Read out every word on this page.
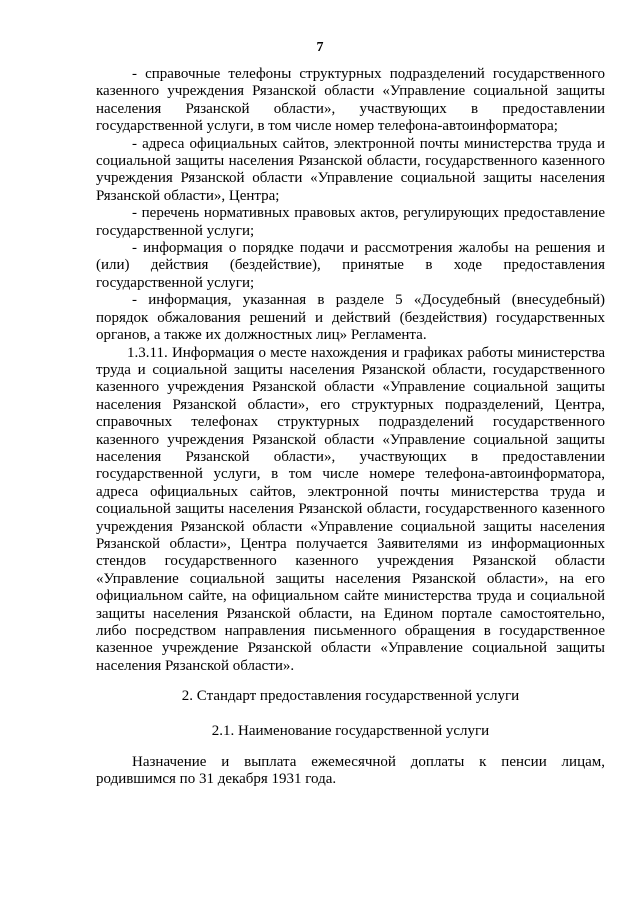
7

- справочные телефоны структурных подразделений государственного казенного учреждения Рязанской области «Управление социальной защиты населения Рязанской области», участвующих в предоставлении государственной услуги, в том числе номер телефона-автоинформатора;

- адреса официальных сайтов, электронной почты министерства труда и социальной защиты населения Рязанской области, государственного казенного учреждения Рязанской области «Управление социальной защиты населения Рязанской области», Центра;

- перечень нормативных правовых актов, регулирующих предоставление государственной услуги;

- информация о порядке подачи и рассмотрения жалобы на решения и (или) действия (бездействие), принятые в ходе предоставления государственной услуги;

- информация, указанная в разделе 5 «Досудебный (внесудебный) порядок обжалования решений и действий (бездействия) государственных органов, а также их должностных лиц» Регламента.

1.3.11. Информация о месте нахождения и графиках работы министерства труда и социальной защиты населения Рязанской области, государственного казенного учреждения Рязанской области «Управление социальной защиты населения Рязанской области», его структурных подразделений, Центра, справочных телефонах структурных подразделений государственного казенного учреждения Рязанской области «Управление социальной защиты населения Рязанской области», участвующих в предоставлении государственной услуги, в том числе номере телефона-автоинформатора, адреса официальных сайтов, электронной почты министерства труда и социальной защиты населения Рязанской области, государственного казенного учреждения Рязанской области «Управление социальной защиты населения Рязанской области», Центра получается Заявителями из информационных стендов государственного казенного учреждения Рязанской области «Управление социальной защиты населения Рязанской области», на его официальном сайте, на официальном сайте министерства труда и социальной защиты населения Рязанской области, на Едином портале самостоятельно, либо посредством направления письменного обращения в государственное казенное учреждение Рязанской области «Управление социальной защиты населения Рязанской области».

2. Стандарт предоставления государственной услуги
2.1. Наименование государственной услуги

Назначение и выплата ежемесячной доплаты к пенсии лицам, родившимся по 31 декабря 1931 года.
